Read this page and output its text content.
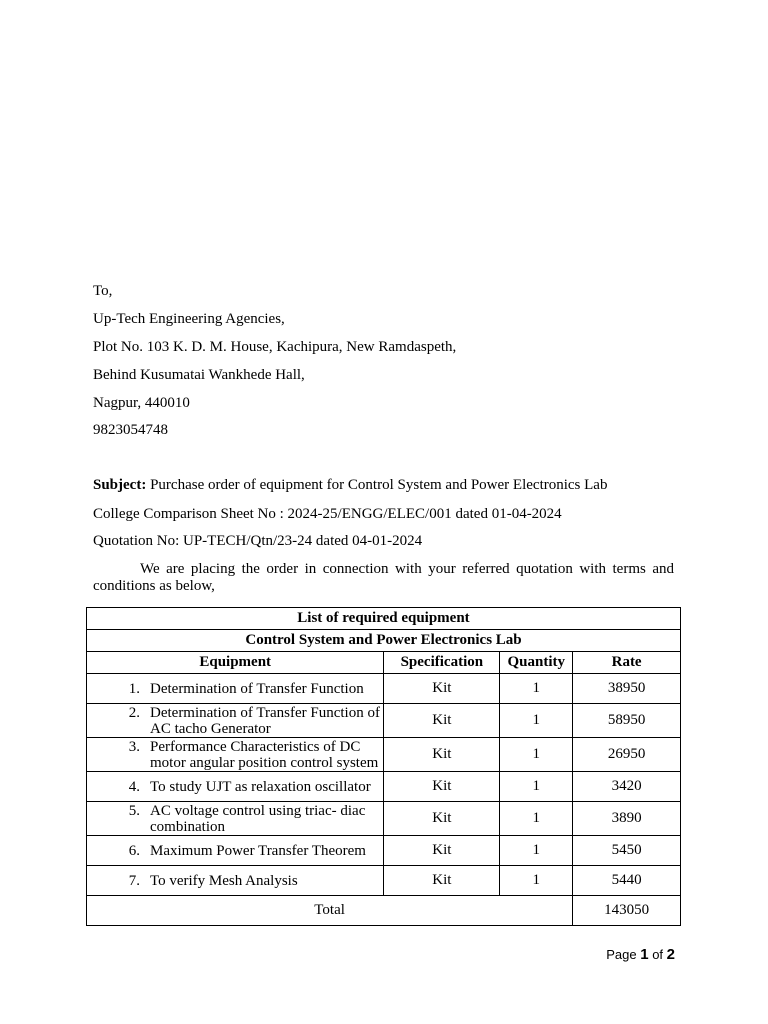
To,
Up-Tech Engineering Agencies,
Plot No. 103 K. D. M. House, Kachipura, New Ramdaspeth,
Behind Kusumatai Wankhede Hall,
Nagpur, 440010
9823054748
Subject: Purchase order of equipment for Control System and Power Electronics Lab
College Comparison Sheet No : 2024-25/ENGG/ELEC/001 dated 01-04-2024
Quotation No: UP-TECH/Qtn/23-24 dated 04-01-2024
We are placing the order in connection with your referred quotation with terms and conditions as below,
List of required equipment			
Control System and Power Electronics Lab			
Equipment	Specification	Quantity	Rate

1. Determination of Transfer Function	Kit	1	38950

2. Determination of Transfer Function of AC tacho Generator	Kit	1	58950

3. Performance Characteristics of DC motor angular position control system	Kit	1	26950

4. To study UJT as relaxation oscillator	Kit	1	3420

5. AC voltage control using triac- diac combination	Kit	1	3890

6. Maximum Power Transfer Theorem	Kit	1	5450

7. To verify Mesh Analysis	Kit	1	5440
Total			143050
Page 1 of 2
